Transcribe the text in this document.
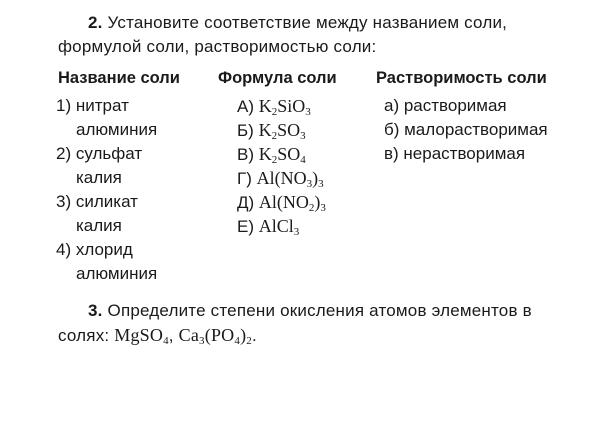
2. Установите соответствие между названием соли,
формулой соли, растворимостью соли:
Название соли Формула соли Растворимость соли
1) нитрат
алюминия
2) сульфат
калия
3) силикат
калия
4) хлорид
алюминия
А) $K_2SiO_3$
Б) $K_2SO_3$
В) $K_2SO_4$
Г) $Al(NO_3)_3$
Д) $Al(NO_2)_3$
Е) AlCl$_3$
а) растворимая
б) малорастворимая
в) нерастворимая
3. Определите степени окисления атомов элементов в
солях: MgSO$_4$, $Ca_3(PO_4)_2$.
